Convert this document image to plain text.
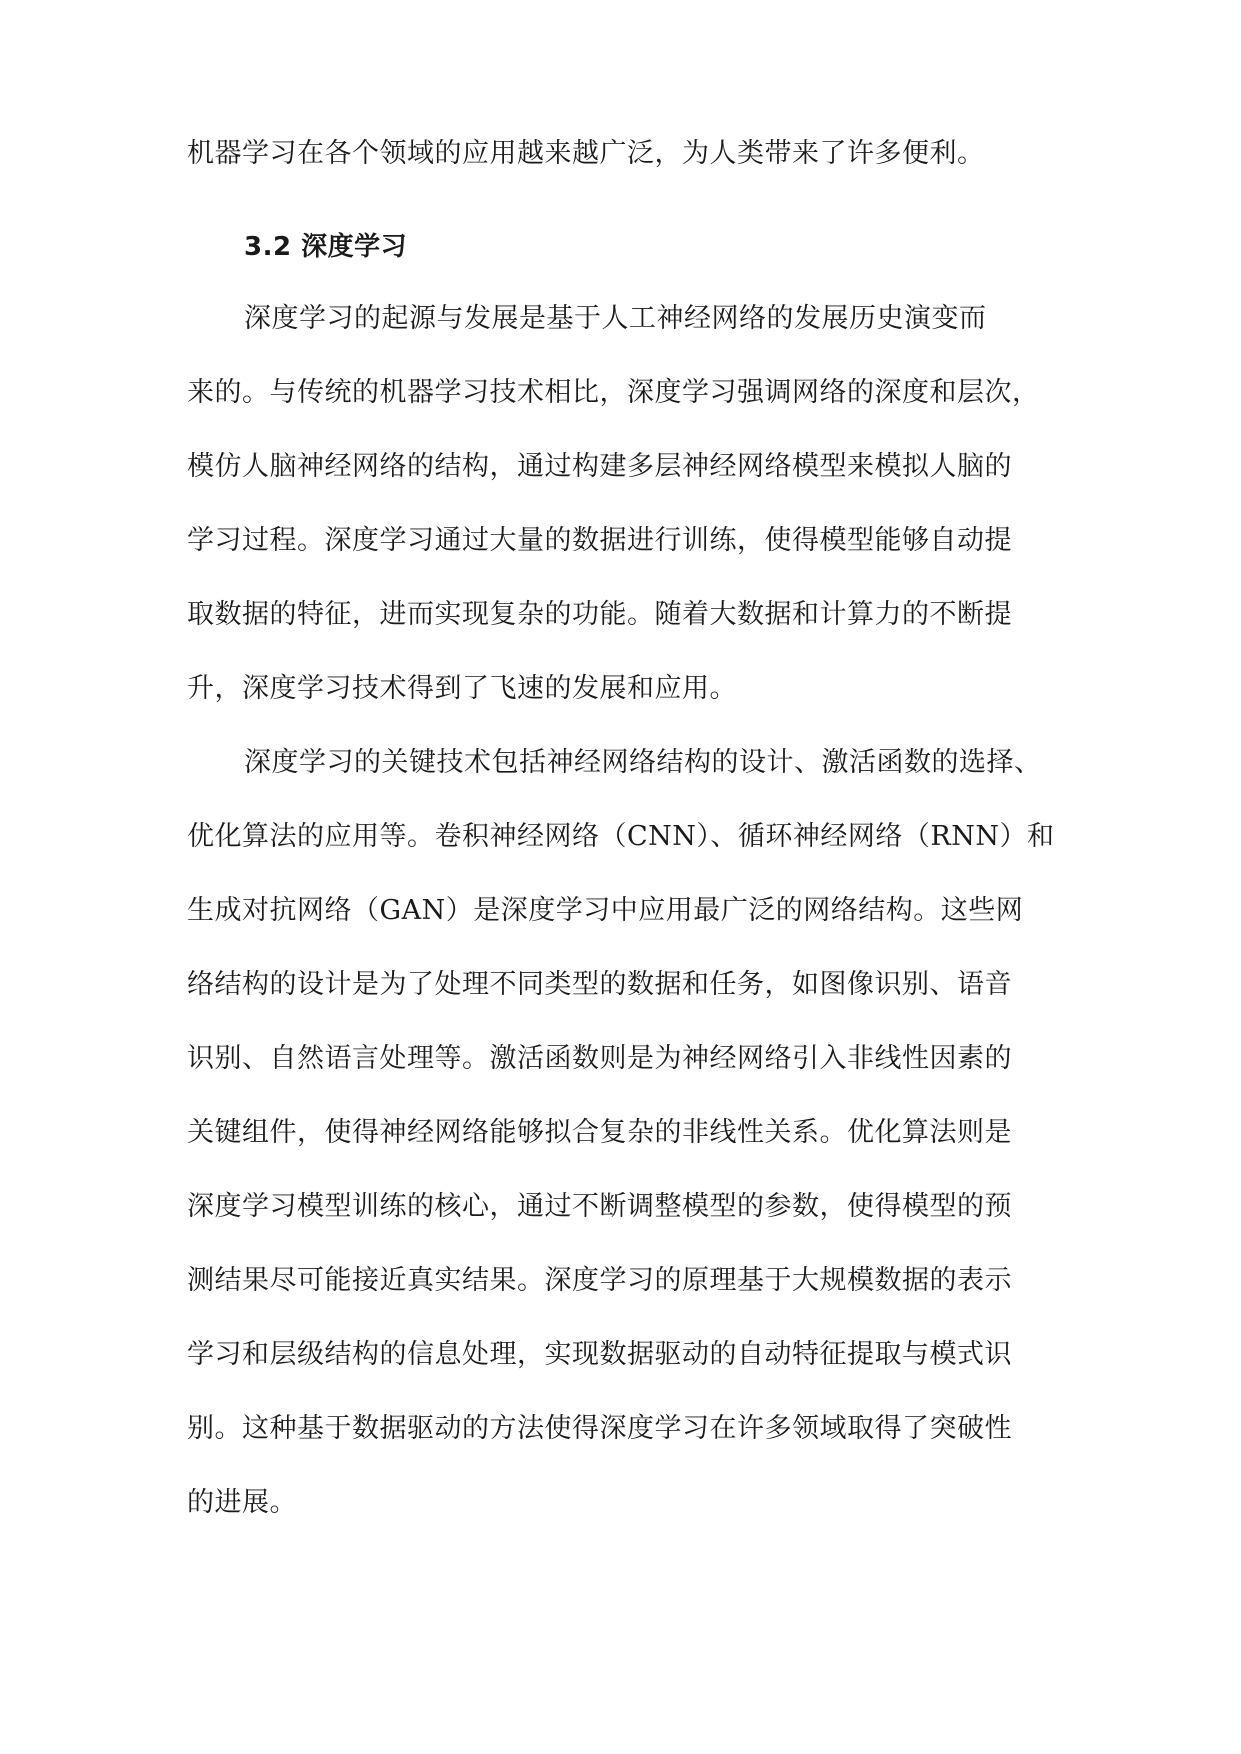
机器学习在各个领域的应用越来越广泛，为人类带来了许多便利。
3.2 深度学习
深度学习的起源与发展是基于人工神经网络的发展历史演变而
来的。与传统的机器学习技术相比，深度学习强调网络的深度和层次，
模仿人脑神经网络的结构，通过构建多层神经网络模型来模拟人脑的
学习过程。深度学习通过大量的数据进行训练，使得模型能够自动提
取数据的特征，进而实现复杂的功能。随着大数据和计算力的不断提
升，深度学习技术得到了飞速的发展和应用。
深度学习的关键技术包括神经网络结构的设计、激活函数的选择、
优化算法的应用等。卷积神经网络（CNN）、循环神经网络（RNN）和
生成对抗网络（GAN）是深度学习中应用最广泛的网络结构。这些网
络结构的设计是为了处理不同类型的数据和任务，如图像识别、语音
识别、自然语言处理等。激活函数则是为神经网络引入非线性因素的
关键组件，使得神经网络能够拟合复杂的非线性关系。优化算法则是
深度学习模型训练的核心，通过不断调整模型的参数，使得模型的预
测结果尽可能接近真实结果。深度学习的原理基于大规模数据的表示
学习和层级结构的信息处理，实现数据驱动的自动特征提取与模式识
别。这种基于数据驱动的方法使得深度学习在许多领域取得了突破性
的进展。
